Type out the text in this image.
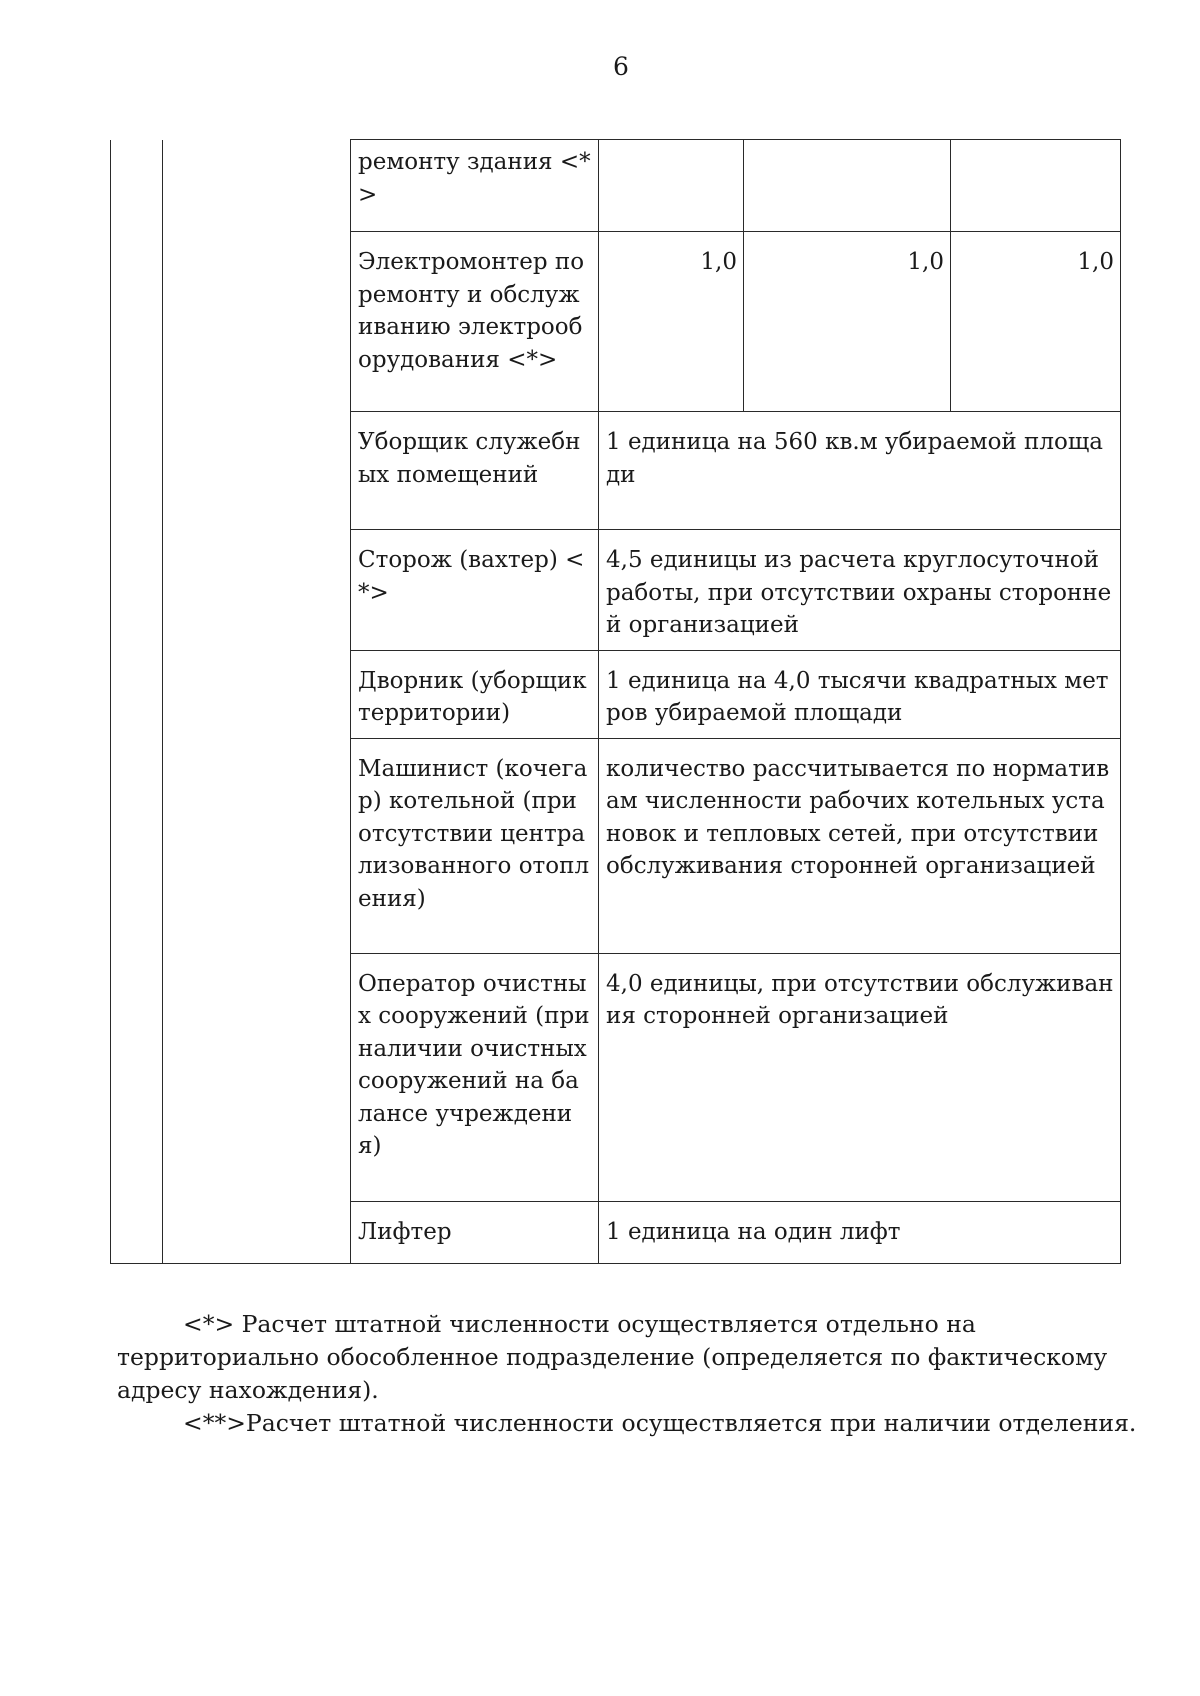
6
		ремонту здания <*>			
		Электромонтер по ремонту и обслуживанию электрооборудования <*>	1,0	1,0	1,0
		Уборщик служебных помещений	1 единица на 560 кв.м убираемой площади		
		Сторож (вахтер) <*>	4,5 единицы из расчета круглосуточной работы, при отсутствии охраны сторонней организацией		
		Дворник (уборщик территории)	1 единица на 4,0 тысячи квадратных метров убираемой площади		
		Машинист (кочегар) котельной (при отсутствии централизованного отопления)	количество рассчитывается по нормативам численности рабочих котельных установок и тепловых сетей, при отсутствии обслуживания сторонней организацией		
		Оператор очистных сооружений (при наличии очистных сооружений на балансе учреждения)	4,0 единицы, при отсутствии обслуживания сторонней организацией		
		Лифтер	1 единица на один лифт		

<*> Расчет штатной численности осуществляется отдельно на территориально обособленное подразделение (определяется по фактическому адресу нахождения).

<**>Расчет штатной численности осуществляется при наличии отделения.
